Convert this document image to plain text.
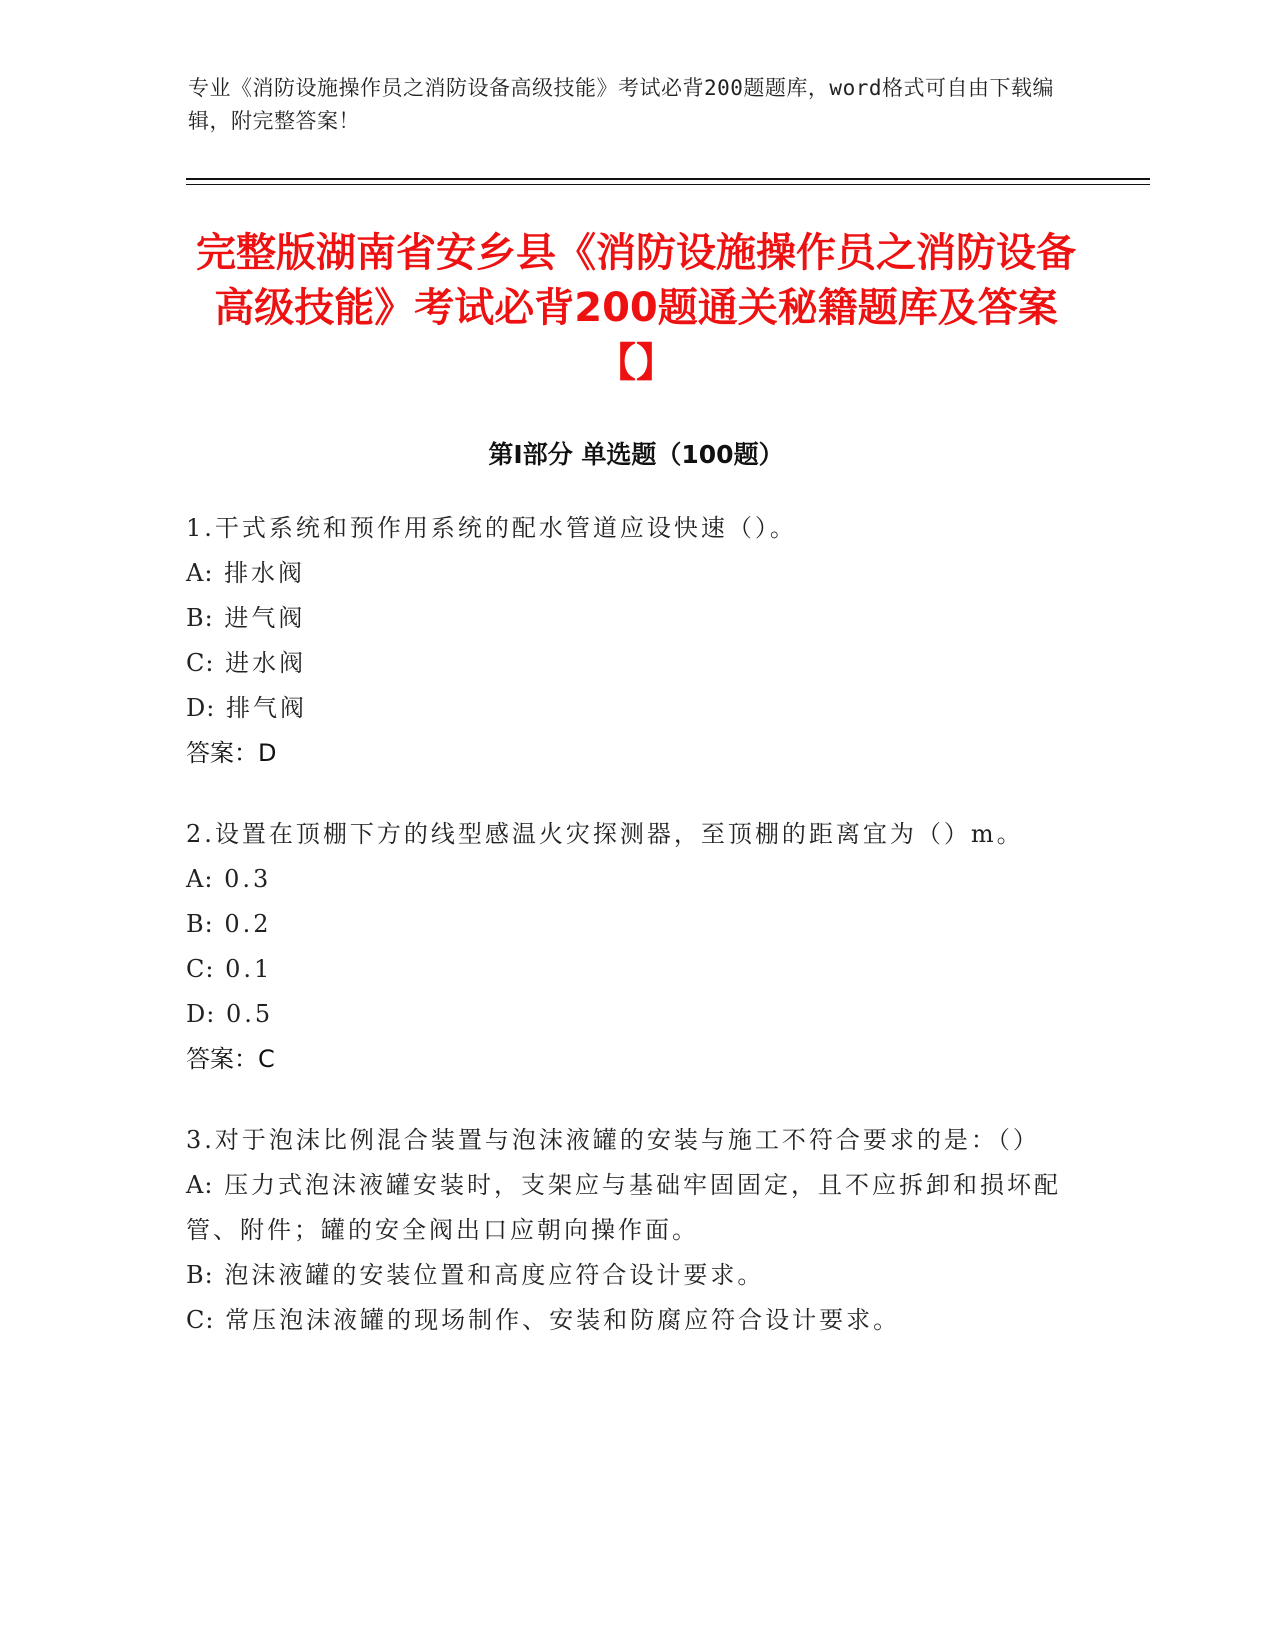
专业《消防设施操作员之消防设备高级技能》考试必背200题题库，word格式可自由下载编辑，附完整答案！
完整版湖南省安乡县《消防设施操作员之消防设备高级技能》考试必背200题通关秘籍题库及答案【】
第I部分 单选题（100题）

1.干式系统和预作用系统的配水管道应设快速（）。

A: 排水阀

B: 进气阀

C: 进水阀

D: 排气阀

答案：D

2.设置在顶棚下方的线型感温火灾探测器，至顶棚的距离宜为（）m。

A: 0.3

B: 0.2

C: 0.1

D: 0.5

答案：C

3.对于泡沫比例混合装置与泡沫液罐的安装与施工不符合要求的是：（）

A: 压力式泡沫液罐安装时，支架应与基础牢固固定，且不应拆卸和损坏配管、附件；罐的安全阀出口应朝向操作面。

B: 泡沫液罐的安装位置和高度应符合设计要求。

C: 常压泡沫液罐的现场制作、安装和防腐应符合设计要求。
